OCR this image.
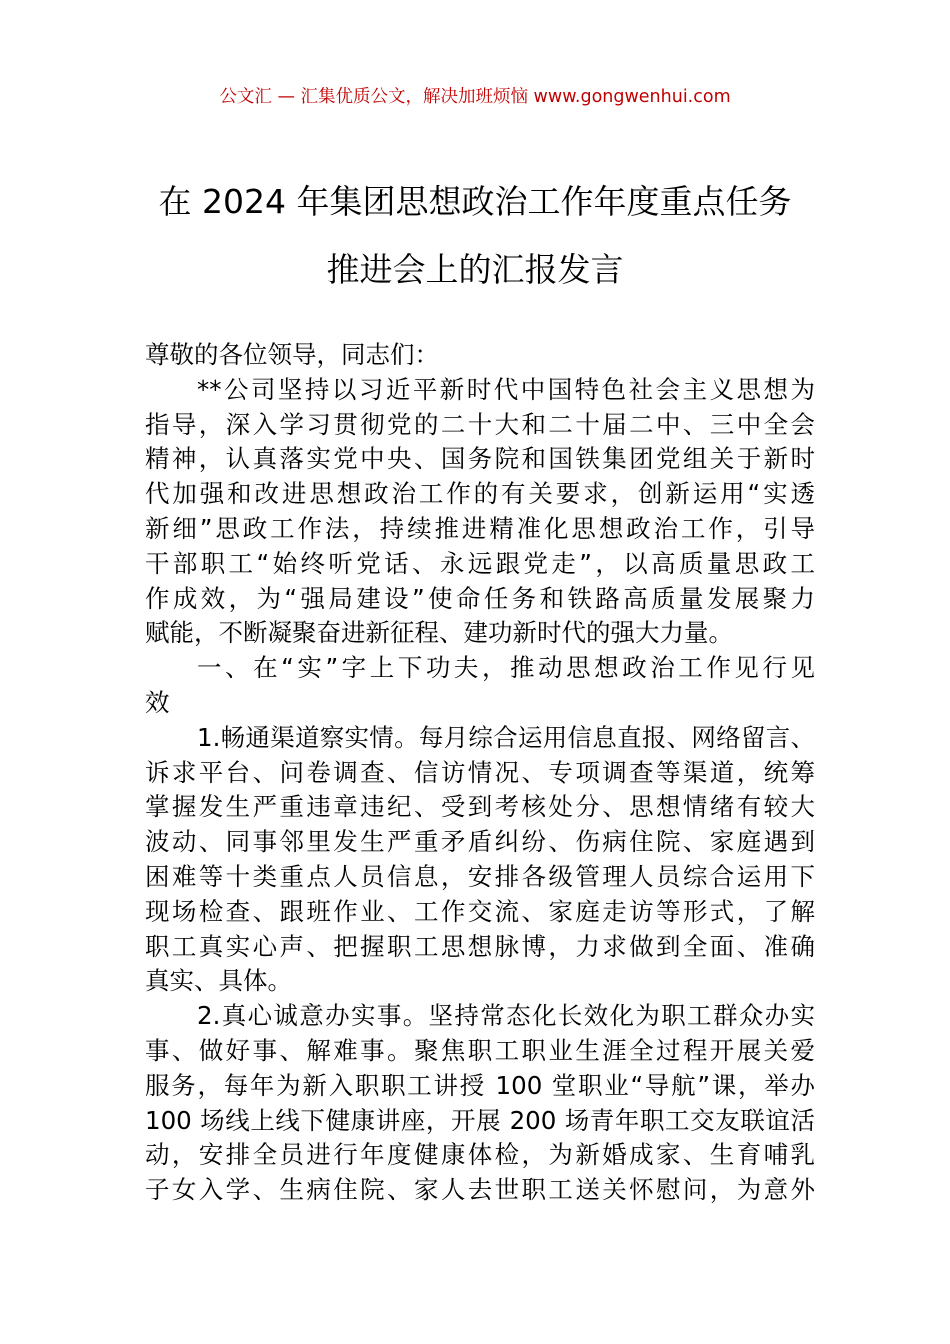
公文汇 — 汇集优质公文，解决加班烦恼 www.gongwenhui.com
在 2024 年集团思想政治工作年度重点任务
推进会上的汇报发言
尊敬的各位领导，同志们：
**公司坚持以习近平新时代中国特色社会主义思想为
指导，深入学习贯彻党的二十大和二十届二中、三中全会
精神，认真落实党中央、国务院和国铁集团党组关于新时
代加强和改进思想政治工作的有关要求，创新运用“实透
新细”思政工作法，持续推进精准化思想政治工作，引导
干部职工“始终听党话、永远跟党走”，以高质量思政工
作成效，为“强局建设”使命任务和铁路高质量发展聚力
赋能，不断凝聚奋进新征程、建功新时代的强大力量。
一、在“实”字上下功夫，推动思想政治工作见行见
效
1.畅通渠道察实情。每月综合运用信息直报、网络留言、
诉求平台、问卷调查、信访情况、专项调查等渠道，统筹
掌握发生严重违章违纪、受到考核处分、思想情绪有较大
波动、同事邻里发生严重矛盾纠纷、伤病住院、家庭遇到
困难等十类重点人员信息，安排各级管理人员综合运用下
现场检查、跟班作业、工作交流、家庭走访等形式，了解
职工真实心声、把握职工思想脉博，力求做到全面、准确
真实、具体。
2.真心诚意办实事。坚持常态化长效化为职工群众办实
事、做好事、解难事。聚焦职工职业生涯全过程开展关爱
服务，每年为新入职职工讲授 100 堂职业“导航”课，举办
100 场线上线下健康讲座，开展 200 场青年职工交友联谊活
动，安排全员进行年度健康体检，为新婚成家、生育哺乳
子女入学、生病住院、家人去世职工送关怀慰问，为意外
